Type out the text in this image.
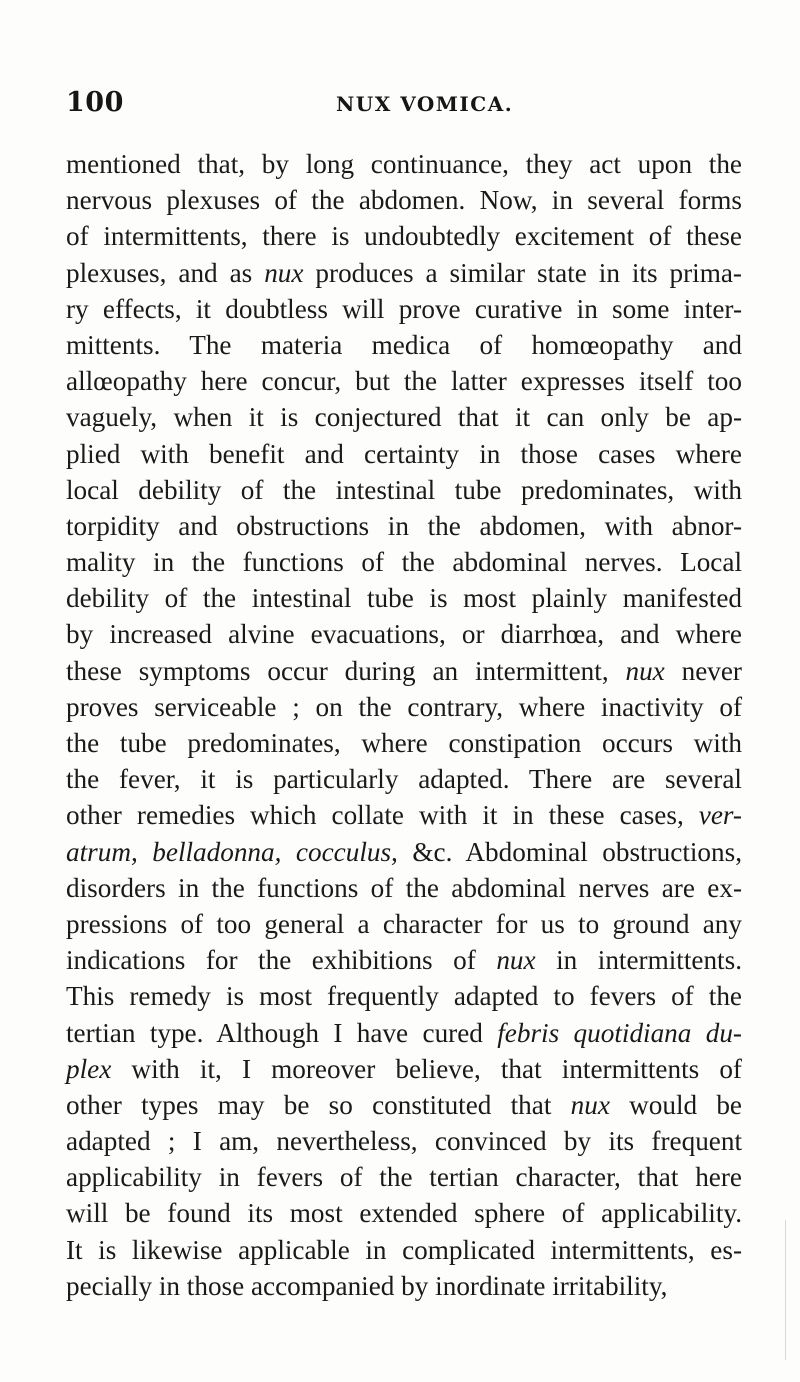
100	NUX VOMICA.
mentioned that, by long continuance, they act upon the
nervous plexuses of the abdomen. Now, in several forms
of intermittents, there is undoubtedly excitement of these
plexuses, and as nux produces a similar state in its prima-
ry effects, it doubtless will prove curative in some inter-
mittents. The materia medica of homœopathy and
allœopathy here concur, but the latter expresses itself too
vaguely, when it is conjectured that it can only be ap-
plied with benefit and certainty in those cases where
local debility of the intestinal tube predominates, with
torpidity and obstructions in the abdomen, with abnor-
mality in the functions of the abdominal nerves. Local
debility of the intestinal tube is most plainly manifested
by increased alvine evacuations, or diarrhœa, and where
these symptoms occur during an intermittent, nux never
proves serviceable ; on the contrary, where inactivity of
the tube predominates, where constipation occurs with
the fever, it is particularly adapted. There are several
other remedies which collate with it in these cases, ver-
atrum, belladonna, cocculus, &c. Abdominal obstructions,
disorders in the functions of the abdominal nerves are ex-
pressions of too general a character for us to ground any
indications for the exhibitions of nux in intermittents.
This remedy is most frequently adapted to fevers of the
tertian type. Although I have cured febris quotidiana du-
plex with it, I moreover believe, that intermittents of
other types may be so constituted that nux would be
adapted ; I am, nevertheless, convinced by its frequent
applicability in fevers of the tertian character, that here
will be found its most extended sphere of applicability.
It is likewise applicable in complicated intermittents, es-
pecially in those accompanied by inordinate irritability,
